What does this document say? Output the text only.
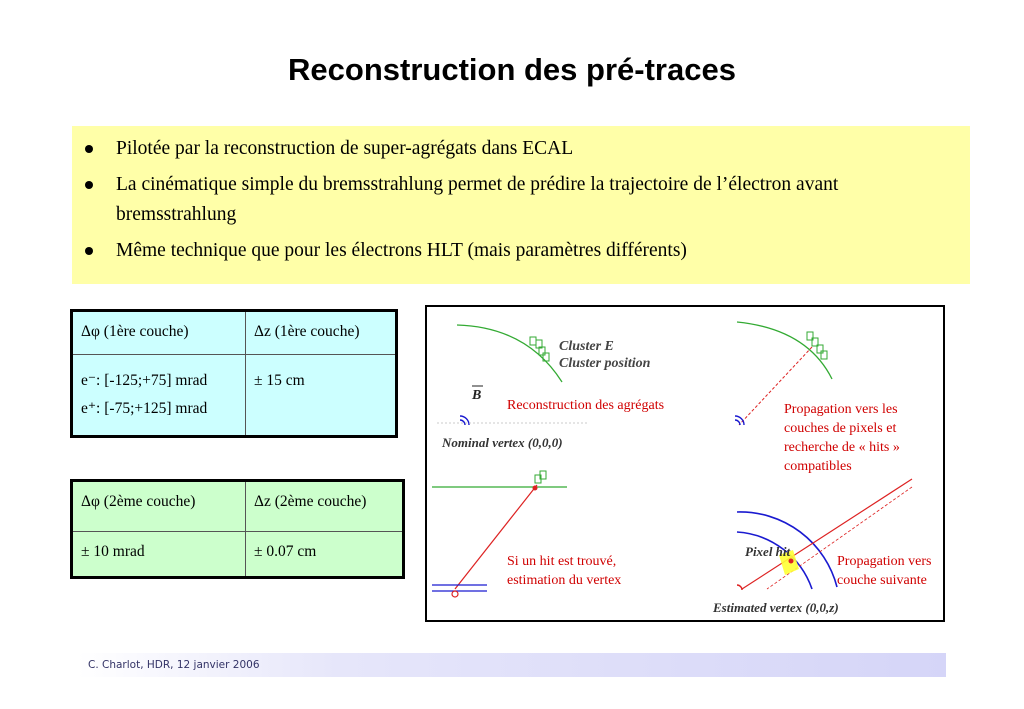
Reconstruction des pré-traces
Pilotée par la reconstruction de super-agrégats dans ECAL
La cinématique simple du bremsstrahlung permet de prédire la trajectoire de l’électron avant bremsstrahlung
Même technique que pour les électrons HLT (mais paramètres différents)
Δφ (1ère couche)	Δz (1ère couche)

e⁻: [-125;+75] mrad
e⁺: [-75;+125] mrad	± 15 cm
Δφ (2ème couche)	Δz (2ème couche)
± 10 mrad	± 0.07 cm
Cluster E
Cluster position
B
Nominal vertex (0,0,0)
Pixel hit
Estimated vertex (0,0,z)
Reconstruction des agrégats	Propagation vers les
couches de pixels et
recherche de « hits »
compatibles
Si un hit est trouvé,
estimation du vertex
Propagation vers
couche suivante
C. Charlot, HDR, 12 janvier 2006
